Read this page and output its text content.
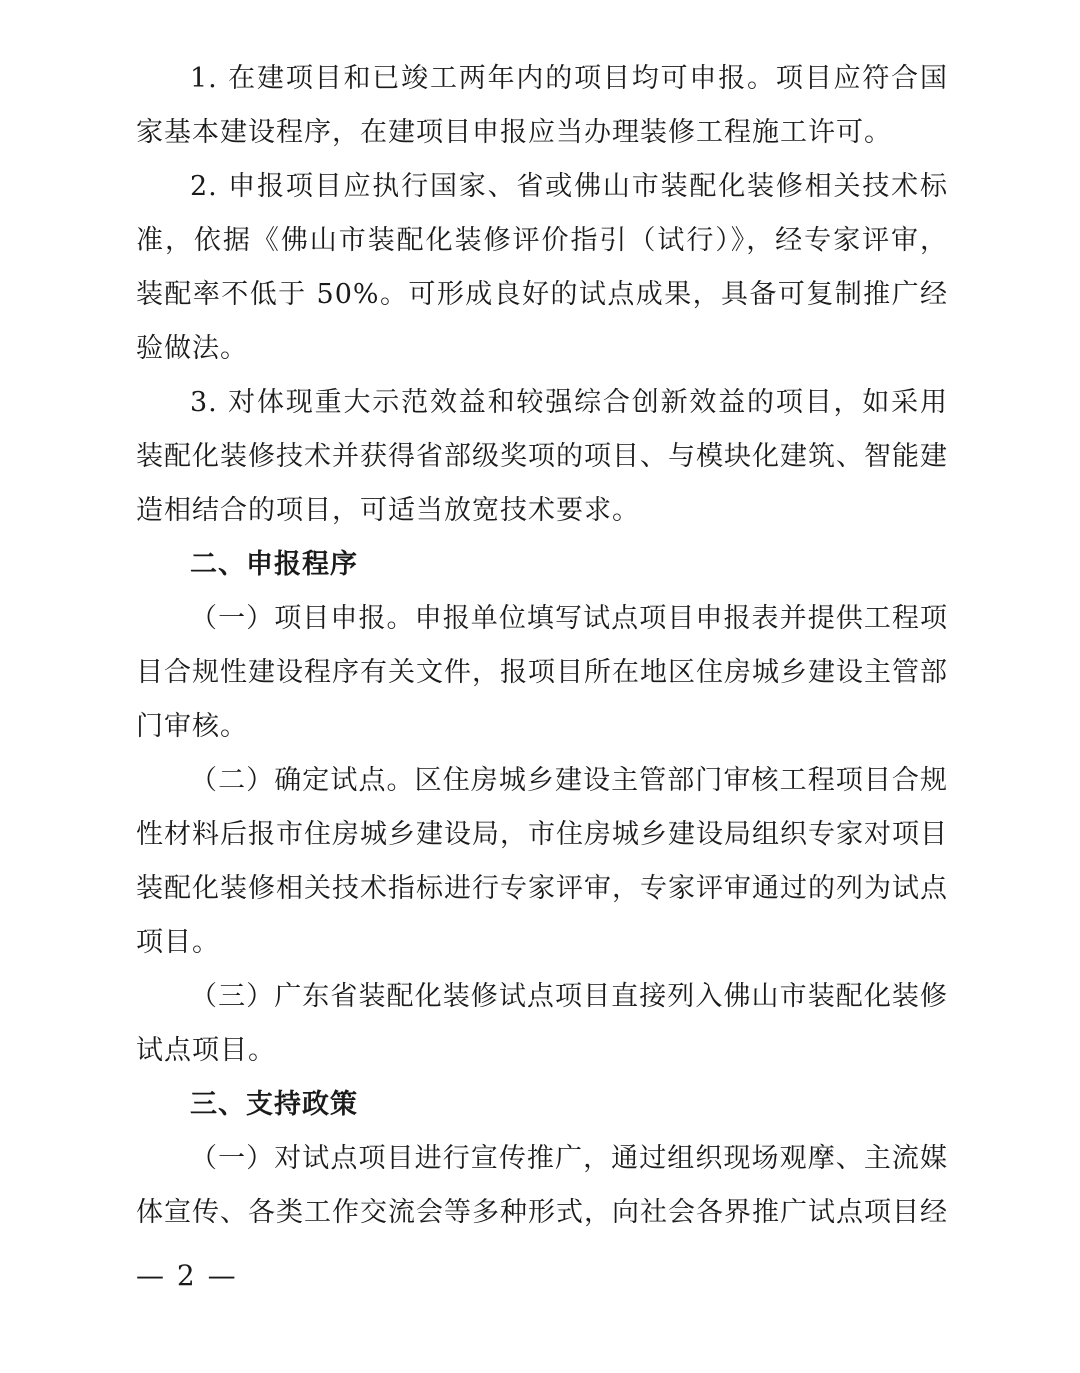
1. 在建项目和已竣工两年内的项目均可申报。项目应符合国家基本建设程序，在建项目申报应当办理装修工程施工许可。

2. 申报项目应执行国家、省或佛山市装配化装修相关技术标准，依据《佛山市装配化装修评价指引（试行）》，经专家评审，装配率不低于 50%。可形成良好的试点成果，具备可复制推广经验做法。

3. 对体现重大示范效益和较强综合创新效益的项目，如采用装配化装修技术并获得省部级奖项的项目、与模块化建筑、智能建造相结合的项目，可适当放宽技术要求。

二、申报程序

（一）项目申报。申报单位填写试点项目申报表并提供工程项目合规性建设程序有关文件，报项目所在地区住房城乡建设主管部门审核。

（二）确定试点。区住房城乡建设主管部门审核工程项目合规性材料后报市住房城乡建设局，市住房城乡建设局组织专家对项目装配化装修相关技术指标进行专家评审，专家评审通过的列为试点项目。

（三）广东省装配化装修试点项目直接列入佛山市装配化装修试点项目。

三、支持政策

（一）对试点项目进行宣传推广，通过组织现场观摩、主流媒体宣传、各类工作交流会等多种形式，向社会各界推广试点项目经

— 2 —
